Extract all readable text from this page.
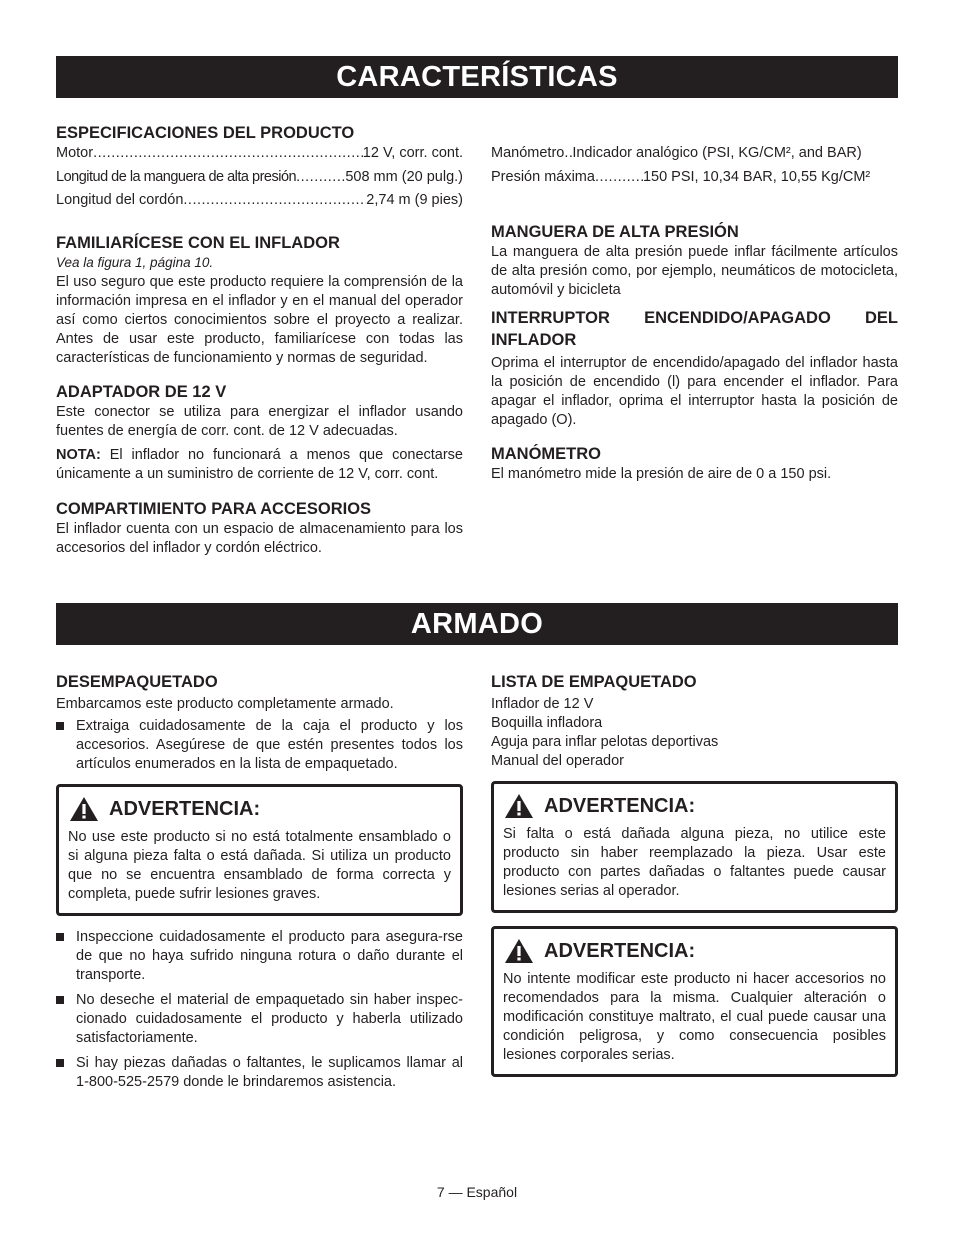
CARACTERÍSTICAS
ESPECIFICACIONES DEL PRODUCTO
Motor .....	12 V, corr. cont.
Longitud de la manguera de alta presión .....	508 mm (20 pulg.)
Longitud del cordón .....	2,74 m (9 pies)
FAMILIARÍCESE CON EL INFLADOR

Vea la figura 1, página 10.

El uso seguro que este producto requiere la comprensión de la información impresa en el inflador y en el manual del operador así como ciertos conocimientos sobre el proyecto a realizar. Antes de usar este producto, familiarícese con todas las características de funcionamiento y normas de seguridad.

ADAPTADOR DE 12 V

Este conector se utiliza para energizar el inflador usando fuentes de energía de corr. cont. de 12 V adecuadas.

NOTA: El inflador no funcionará a menos que conectarse únicamente a un suministro de corriente de 12 V, corr. cont.

COMPARTIMIENTO PARA ACCESORIOS

El inflador cuenta con un espacio de almacenamiento para los accesorios del inflador y cordón eléctrico.

Manómetro ..... Indicador analógico (PSI, KG/CM², and BAR)
Presión máxima .....	150 PSI, 10,34 BAR, 10,55 Kg/CM²
MANGUERA DE ALTA PRESIÓN

La manguera de alta presión puede inflar fácilmente artículos de alta presión como, por ejemplo, neumáticos de motocicleta, automóvil y bicicleta

INTERRUPTOR ENCENDIDO/APAGADO DEL INFLADOR

Oprima el interruptor de encendido/apagado del inflador hasta la posición de encendido (l) para encender el inflador. Para apagar el inflador, oprima el interruptor hasta la posición de apagado (O).

MANÓMETRO

El manómetro mide la presión de aire de 0 a 150 psi.

ARMADO
DESEMPAQUETADO

Embarcamos este producto completamente armado.

Extraiga cuidadosamente de la caja el producto y los accesorios. Asegúrese de que estén presentes todos los artículos enumerados en la lista de empaquetado.

ADVERTENCIA:

No use este producto si no está totalmente ensamblado o si alguna pieza falta o está dañada. Si utiliza un producto que no se encuentra ensamblado de forma correcta y completa, puede sufrir lesiones graves.

Inspeccione cuidadosamente el producto para asegura-rse de que no haya sufrido ninguna rotura o daño durante el transporte.

No deseche el material de empaquetado sin haber inspec-cionado cuidadosamente el producto y haberla utilizado satisfactoriamente.

Si hay piezas dañadas o faltantes, le suplicamos llamar al 1-800-525-2579 donde le brindaremos asistencia.

LISTA DE EMPAQUETADO
Inflador de 12 V
Boquilla infladora
Aguja para inflar pelotas deportivas
Manual del operador
ADVERTENCIA:

Si falta o está dañada alguna pieza, no utilice este producto sin haber reemplazado la pieza. Usar este producto con partes dañadas o faltantes puede causar lesiones serias al operador.

ADVERTENCIA:

No intente modificar este producto ni hacer accesorios no recomendados para la misma. Cualquier alteración o modificación constituye maltrato, el cual puede causar una condición peligrosa, y como consecuencia posibles lesiones corporales serias.

7 — Español
